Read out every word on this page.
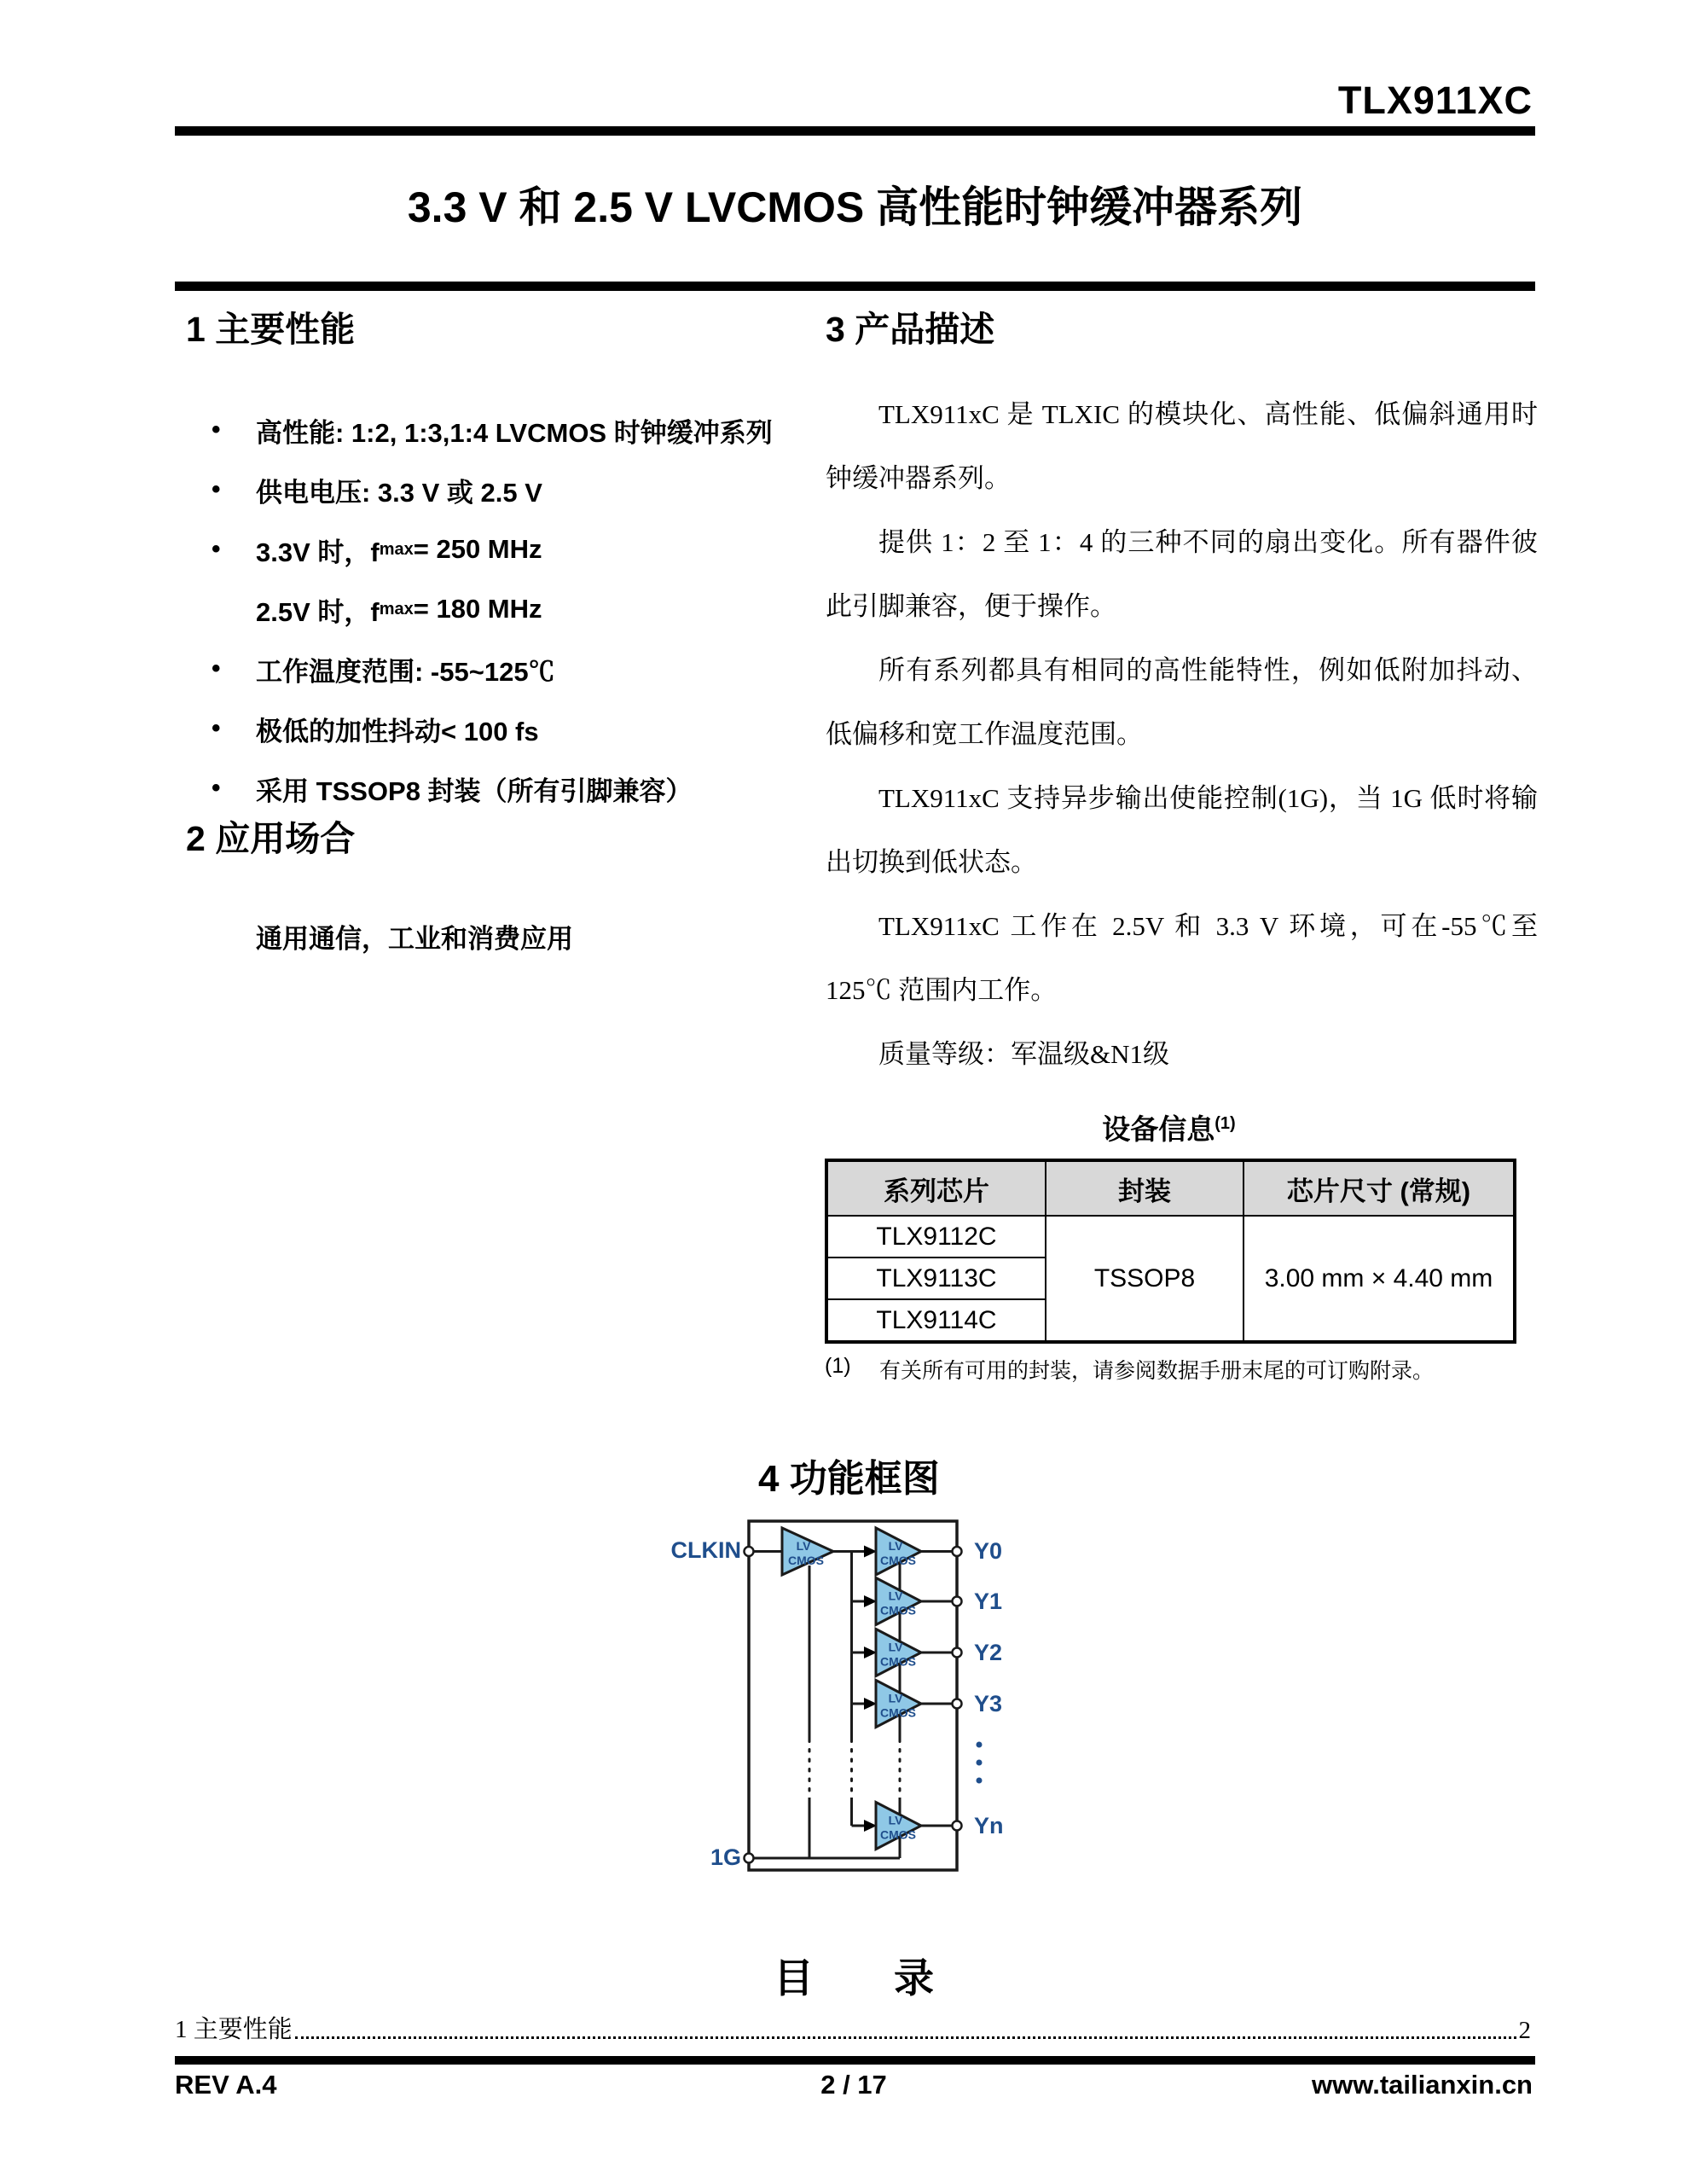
TLX911XC
3.3 V 和 2.5 V LVCMOS 高性能时钟缓冲器系列
1 主要性能
• 高性能: 1:2, 1:3,1:4 LVCMOS 时钟缓冲系列
• 供电电压: 3.3 V 或 2.5 V
• 3.3V 时，f max = 250 MHz
2.5V 时，f max = 180 MHz
• 工作温度范围: -55~125℃
• 极低的加性抖动< 100 fs
• 采用 TSSOP8 封装（所有引脚兼容）
2 应用场合
通用通信，工业和消费应用
3 产品描述

TLX911xC 是 TLXIC 的模块化、高性能、低偏斜通用时钟缓冲器系列。

提供 1：2 至 1：4 的三种不同的扇出变化。所有器件彼此引脚兼容，便于操作。

所有系列都具有相同的高性能特性，例如低附加抖动、低偏移和宽工作温度范围。

TLX911xC 支持异步输出使能控制(1G)，当 1G 低时将输出切换到低状态。

TLX911xC 工作在 2.5V 和 3.3 V 环境，可在-55℃至 125℃ 范围内工作。

质量等级：军温级&N1级

设备信息$^{(1)}$
系列芯片	封装	芯片尺寸 (常规)
TLX9112C	TSSOP8	3.00 mm × 4.40 mm
TLX9113C		
TLX9114C		
(1)	有关所有可用的封装，请参阅数据手册末尾的可订购附录。
4 功能框图
LV
CMOS
LV
CMOS
LV
CMOS
LV
CMOS
LV
CMOS
LV
CMOS
CLKIN
1G
Y0
Y1
Y2
Y3
Yn
目　　录
1 主要性能	2
REV A.4	2 / 17	www.tailianxin.cn
